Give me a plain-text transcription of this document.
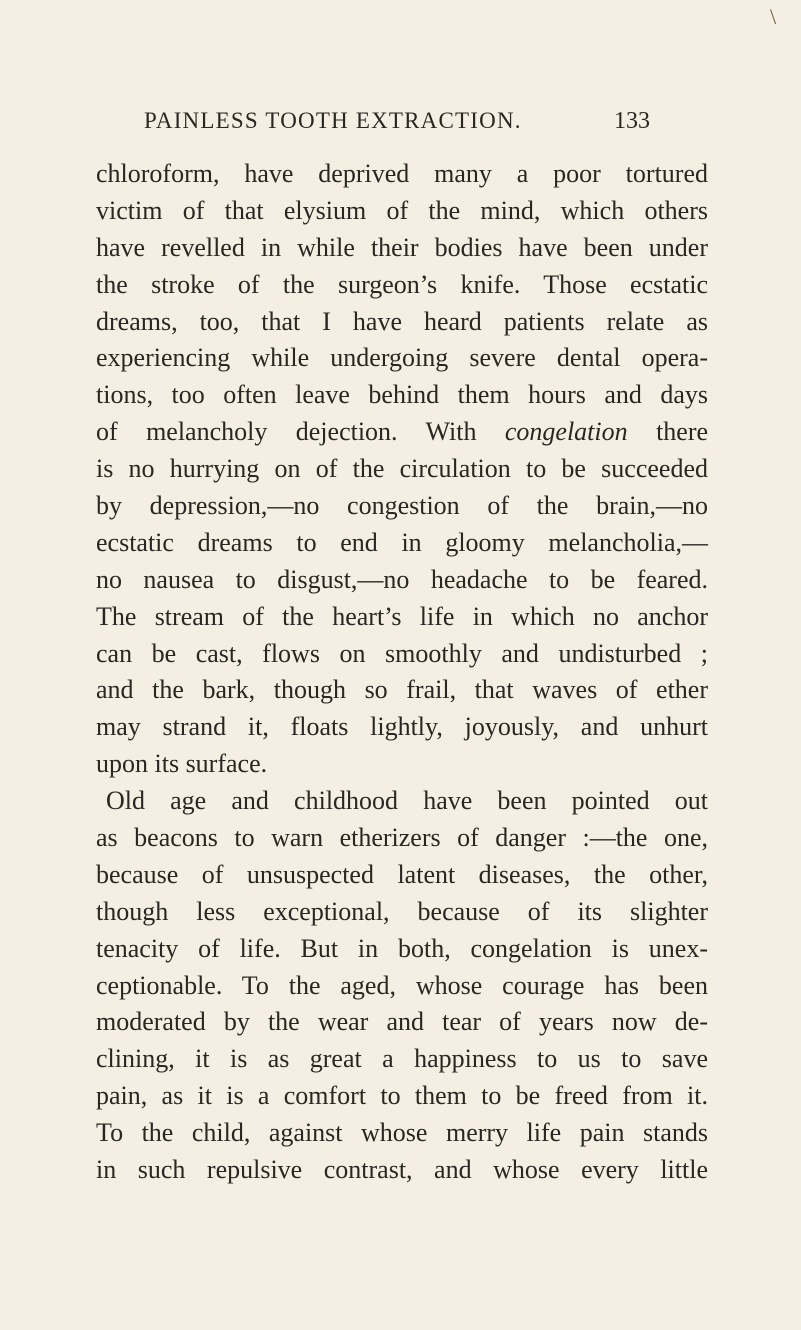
\
PAINLESS TOOTH EXTRACTION.	133
chloroform, have deprived many a poor tortured
victim of that elysium of the mind, which others
have revelled in while their bodies have been under
the stroke of the surgeon’s knife. Those ecstatic
dreams, too, that I have heard patients relate as
experiencing while undergoing severe dental opera-
tions, too often leave behind them hours and days
of melancholy dejection. With congelation there
is no hurrying on of the circulation to be succeeded
by depression,—no congestion of the brain,—no
ecstatic dreams to end in gloomy melancholia,—
no nausea to disgust,—no headache to be feared.
The stream of the heart’s life in which no anchor
can be cast, flows on smoothly and undisturbed ;
and the bark, though so frail, that waves of ether
may strand it, floats lightly, joyously, and unhurt
upon its surface.
Old age and childhood have been pointed out
as beacons to warn etherizers of danger :—the one,
because of unsuspected latent diseases, the other,
though less exceptional, because of its slighter
tenacity of life. But in both, congelation is unex-
ceptionable. To the aged, whose courage has been
moderated by the wear and tear of years now de-
clining, it is as great a happiness to us to save
pain, as it is a comfort to them to be freed from it.
To the child, against whose merry life pain stands
in such repulsive contrast, and whose every little
